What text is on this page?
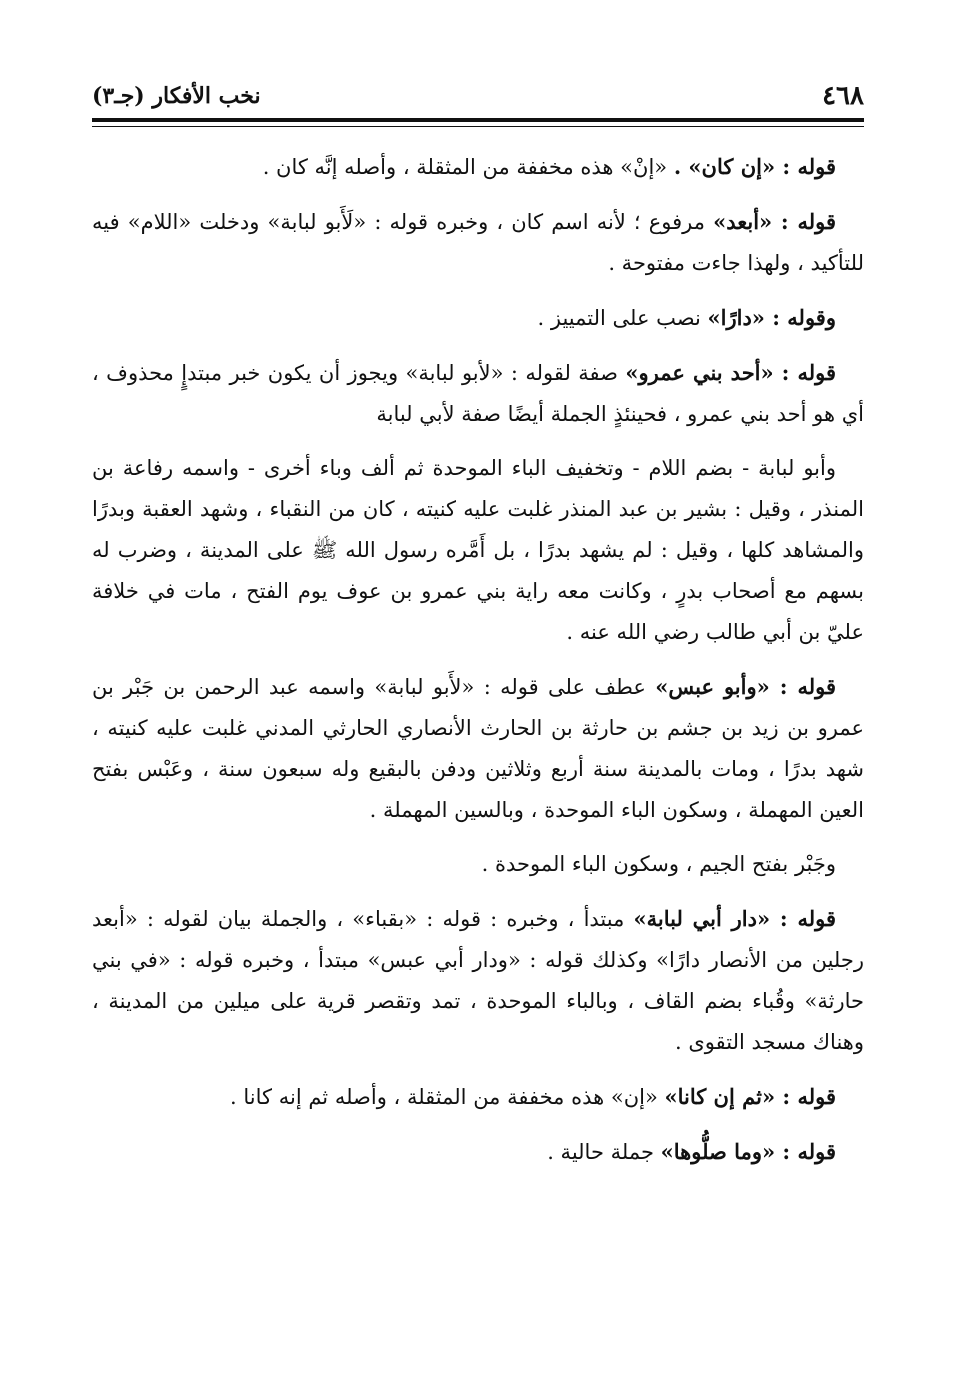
٤٦٨
نخب الأفكار (جـ٣)

قوله : «إن كان» . «إنْ» هذه مخففة من المثقلة ، وأصله إنَّه كان .

قوله : «أبعد» مرفوع ؛ لأنه اسم كان ، وخبره قوله : «لَأَبو لبابة» ودخلت «اللام» فيه للتأكيد ، ولهذا جاءت مفتوحة .

وقوله : «دارًا» نصب على التمييز .

قوله : «أحد بني عمرو» صفة لقوله : «لأبو لبابة» ويجوز أن يكون خبر مبتدإٍ محذوف ، أي هو أحد بني عمرو ، فحينئذٍ الجملة أيضًا صفة لأبي لبابة

وأبو لبابة - بضم اللام - وتخفيف الباء الموحدة ثم ألف وباء أخرى - واسمه رفاعة بن المنذر ، وقيل : بشير بن عبد المنذر غلبت عليه كنيته ، كان من النقباء ، وشهد العقبة وبدرًا والمشاهد كلها ، وقيل : لم يشهد بدرًا ، بل أَمَّره رسول الله ﷺ على المدينة ، وضرب له بسهم مع أصحاب بدرٍ ، وكانت معه راية بني عمرو بن عوف يوم الفتح ، مات في خلافة عليّ بن أبي طالب رضي الله عنه .

قوله : «وأبو عبس» عطف على قوله : «لأَبو لبابة» واسمه عبد الرحمن بن جَبْر بن عمرو بن زيد بن جشم بن حارثة بن الحارث الأنصاري الحارثي المدني غلبت عليه كنيته ، شهد بدرًا ، ومات بالمدينة سنة أربع وثلاثين ودفن بالبقيع وله سبعون سنة ، وعَبْس بفتح العين المهملة ، وسكون الباء الموحدة ، وبالسين المهملة .

وجَبْر بفتح الجيم ، وسكون الباء الموحدة .

قوله : «دار أبي لبابة» مبتدأ ، وخبره : قوله : «بقباء» ، والجملة بيان لقوله : «أبعد رجلين من الأنصار دارًا» وكذلك قوله : «ودار أبي عبس» مبتدأ ، وخبره قوله : «في بني حارثة» وقُباء بضم القاف ، وبالباء الموحدة ، تمد وتقصر قرية على ميلين من المدينة ، وهناك مسجد التقوى .

قوله : «ثم إن كانا» «إن» هذه مخففة من المثقلة ، وأصله ثم إنه كانا .

قوله : «وما صلُّوها» جملة حالية .
